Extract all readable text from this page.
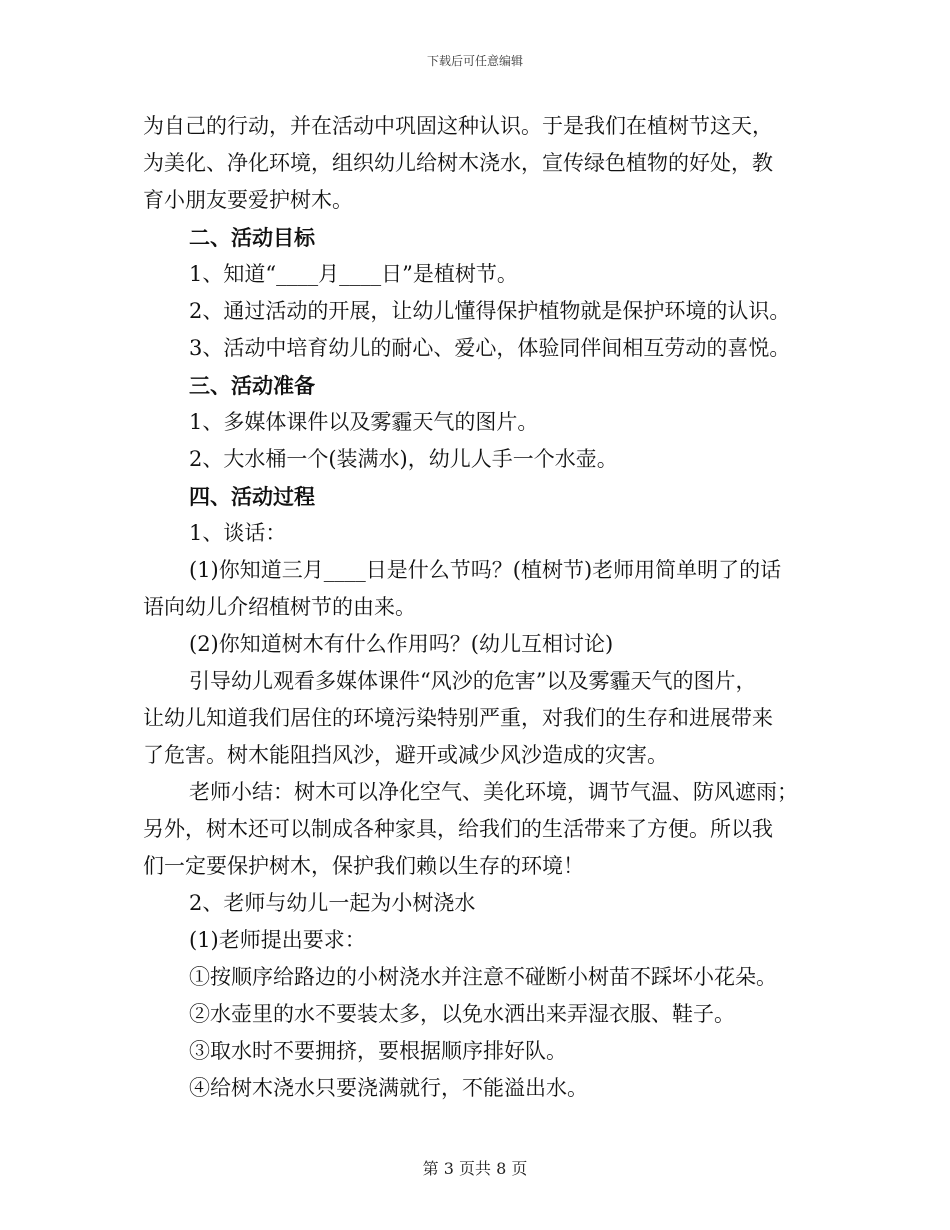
下载后可任意编辑
为自己的行动，并在活动中巩固这种认识。于是我们在植树节这天，
为美化、净化环境，组织幼儿给树木浇水，宣传绿色植物的好处，教
育小朋友要爱护树木。
二、活动目标
1、知道“____月____日”是植树节。
2、通过活动的开展，让幼儿懂得保护植物就是保护环境的认识。
3、活动中培育幼儿的耐心、爱心，体验同伴间相互劳动的喜悦。
三、活动准备
1、多媒体课件以及雾霾天气的图片。
2、大水桶一个(装满水)，幼儿人手一个水壶。
四、活动过程
1、谈话：
(1)你知道三月____日是什么节吗？(植树节)老师用简单明了的话
语向幼儿介绍植树节的由来。
(2)你知道树木有什么作用吗？(幼儿互相讨论)
引导幼儿观看多媒体课件“风沙的危害”以及雾霾天气的图片，
让幼儿知道我们居住的环境污染特别严重，对我们的生存和进展带来
了危害。树木能阻挡风沙，避开或减少风沙造成的灾害。
老师小结：树木可以净化空气、美化环境，调节气温、防风遮雨；
另外，树木还可以制成各种家具，给我们的生活带来了方便。所以我
们一定要保护树木，保护我们赖以生存的环境！
2、老师与幼儿一起为小树浇水
(1)老师提出要求：
①按顺序给路边的小树浇水并注意不碰断小树苗不踩坏小花朵。
②水壶里的水不要装太多，以免水洒出来弄湿衣服、鞋子。
③取水时不要拥挤，要根据顺序排好队。
④给树木浇水只要浇满就行，不能溢出水。
第 3 页共 8 页
